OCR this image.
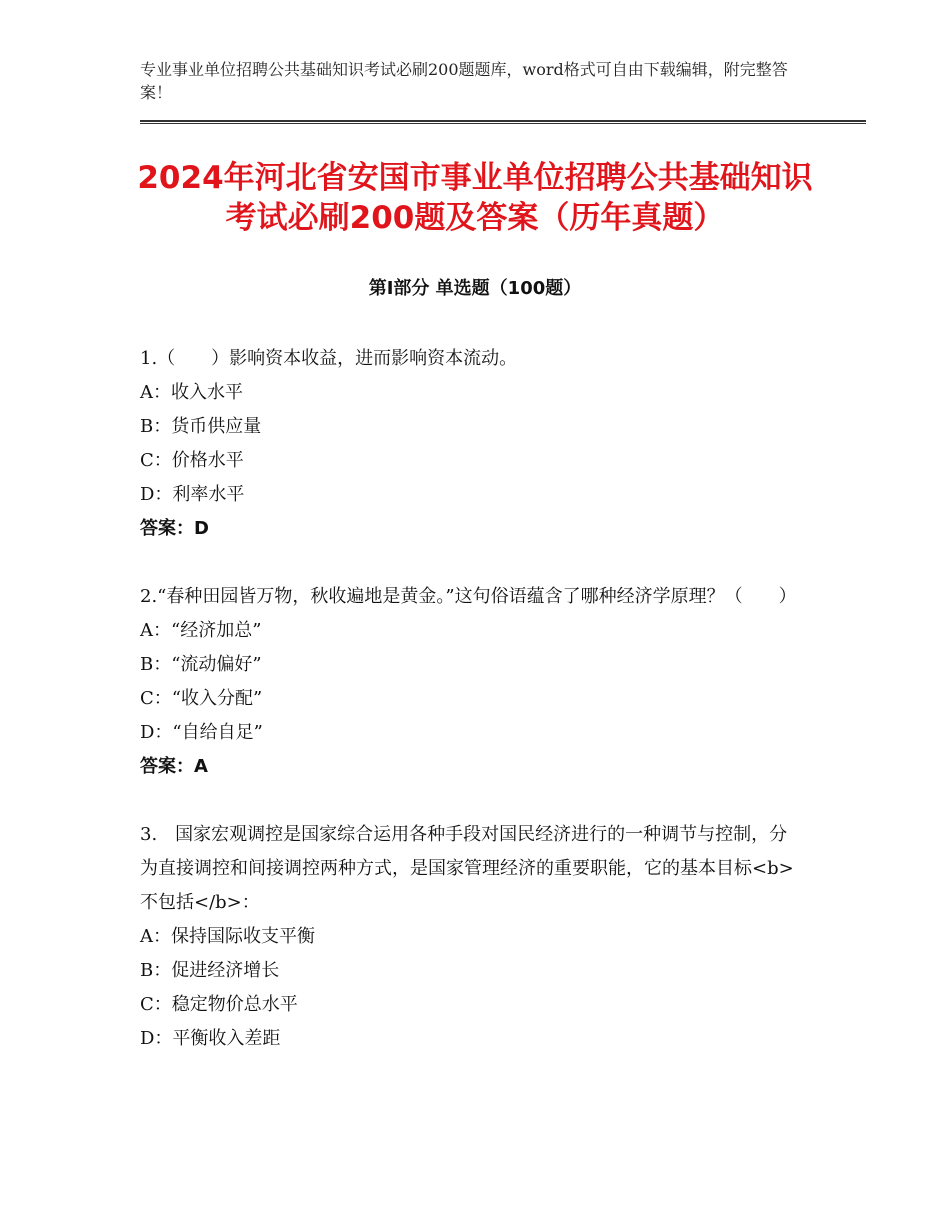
专业事业单位招聘公共基础知识考试必刷200题题库，word格式可自由下载编辑，附完整答案！
2024年河北省安国市事业单位招聘公共基础知识考试必刷200题及答案（历年真题）
第Ⅰ部分 单选题（100题）

1.（　　）影响资本收益，进而影响资本流动。

A：收入水平

B：货币供应量

C：价格水平

D：利率水平

答案：D

2.“春种田园皆万物，秋收遍地是黄金。”这句俗语蕴含了哪种经济学原理？（　　）

A：“经济加总”

B：“流动偏好”

C：“收入分配”

D：“自给自足”

答案：A

3.　国家宏观调控是国家综合运用各种手段对国民经济进行的一种调节与控制，分为直接调控和间接调控两种方式，是国家管理经济的重要职能，它的基本目标<b>不包括</b>：

A：保持国际收支平衡

B：促进经济增长

C：稳定物价总水平

D：平衡收入差距
